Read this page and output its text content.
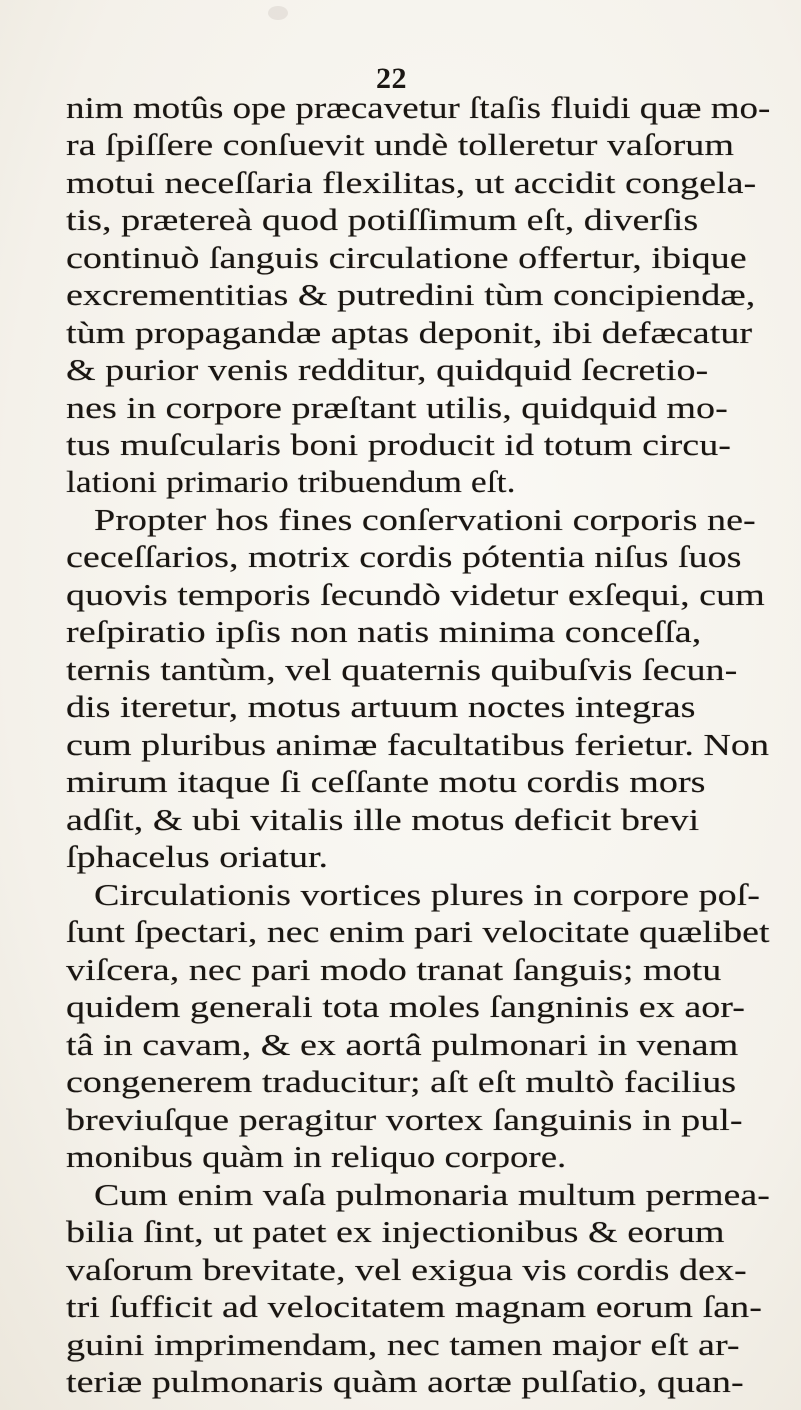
22
nim motûs ope præcavetur ſtaſis fluidi quæ mo-
ra ſpiſſere conſuevit undè tolleretur vaſorum
motui neceſſaria flexilitas, ut accidit congela-
tis, prætereà quod potiſſimum eſt, diverſis
continuò ſanguis circulatione offertur, ibique
excrementitias & putredini tùm concipiendæ,
tùm propagandæ aptas deponit, ibi defæcatur
& purior venis redditur, quidquid ſecretio-
nes in corpore præſtant utilis, quidquid mo-
tus muſcularis boni producit id totum circu-
lationi primario tribuendum eſt.
Propter hos fines conſervationi corporis ne-
ceceſſarios, motrix cordis pótentia niſus ſuos
quovis temporis ſecundò videtur exſequi, cum
reſpiratio ipſis non natis minima conceſſa,
ternis tantùm, vel quaternis quibuſvis ſecun-
dis iteretur, motus artuum noctes integras
cum pluribus animæ facultatibus ferietur. Non
mirum itaque ſi ceſſante motu cordis mors
adſit, & ubi vitalis ille motus deficit brevi
ſphacelus oriatur.
Circulationis vortices plures in corpore poſ-
ſunt ſpectari, nec enim pari velocitate quælibet
viſcera, nec pari modo tranat ſanguis; motu
quidem generali tota moles ſangninis ex aor-
tâ in cavam, & ex aortâ pulmonari in venam
congenerem traducitur; aſt eſt multò facilius
breviuſque peragitur vortex ſanguinis in pul-
monibus quàm in reliquo corpore.
Cum enim vaſa pulmonaria multum permea-
bilia ſint, ut patet ex injectionibus & eorum
vaſorum brevitate, vel exigua vis cordis dex-
tri ſufficit ad velocitatem magnam eorum ſan-
guini imprimendam, nec tamen major eſt ar-
teriæ pulmonaris quàm aortæ pulſatio, quan-
